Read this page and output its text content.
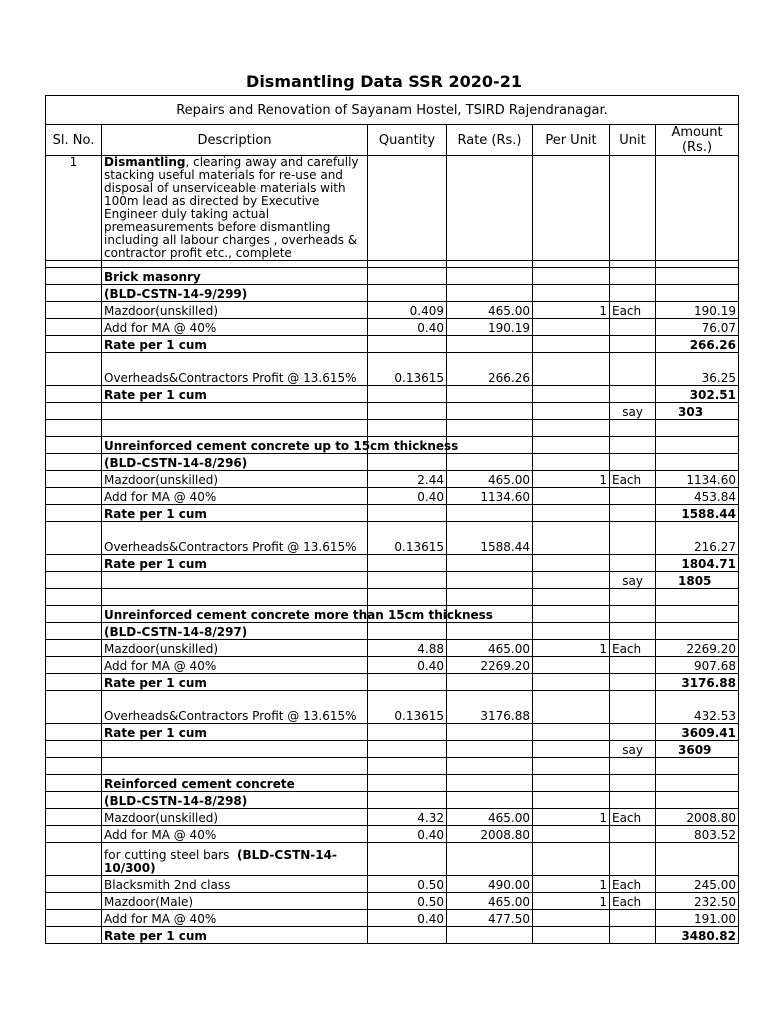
Dismantling Data SSR 2020-21
Repairs and Renovation of Sayanam Hostel, TSIRD Rajendranagar.						
Sl. No.	Description	Quantity	Rate (Rs.)	Per Unit	Unit	Amount
(Rs.)
1	Dismantling, clearing away and carefully stacking useful materials for re-use and disposal of unserviceable materials with 100m lead as directed by Executive Engineer duly taking actual premeasurements before dismantling including all labour charges , overheads & contractor profit etc., complete					

	Brick masonry					
	(BLD-CSTN-14-9/299)					
	Mazdoor(unskilled)	0.409	465.00	1	Each	190.19
	Add for MA @ 40%	0.40	190.19			76.07
	Rate per 1 cum					266.26
	Overheads&Contractors Profit @ 13.615%	0.13615	266.26			36.25
	Rate per 1 cum					302.51
					say	303

	Unreinforced cement concrete up to 15cm thickness					
	(BLD-CSTN-14-8/296)					
	Mazdoor(unskilled)	2.44	465.00	1	Each	1134.60
	Add for MA @ 40%	0.40	1134.60			453.84
	Rate per 1 cum					1588.44
	Overheads&Contractors Profit @ 13.615%	0.13615	1588.44			216.27
	Rate per 1 cum					1804.71
					say	1805

	Unreinforced cement concrete more than 15cm thickness					
	(BLD-CSTN-14-8/297)					
	Mazdoor(unskilled)	4.88	465.00	1	Each	2269.20
	Add for MA @ 40%	0.40	2269.20			907.68
	Rate per 1 cum					3176.88
	Overheads&Contractors Profit @ 13.615%	0.13615	3176.88			432.53
	Rate per 1 cum					3609.41
					say	3609

	Reinforced cement concrete					
	(BLD-CSTN-14-8/298)					
	Mazdoor(unskilled)	4.32	465.00	1	Each	2008.80
	Add for MA @ 40%	0.40	2008.80			803.52
	for cutting steel bars (BLD-CSTN-14-10/300)					
	Blacksmith 2nd class	0.50	490.00	1	Each	245.00
	Mazdoor(Male)	0.50	465.00	1	Each	232.50
	Add for MA @ 40%	0.40	477.50			191.00
	Rate per 1 cum					3480.82
